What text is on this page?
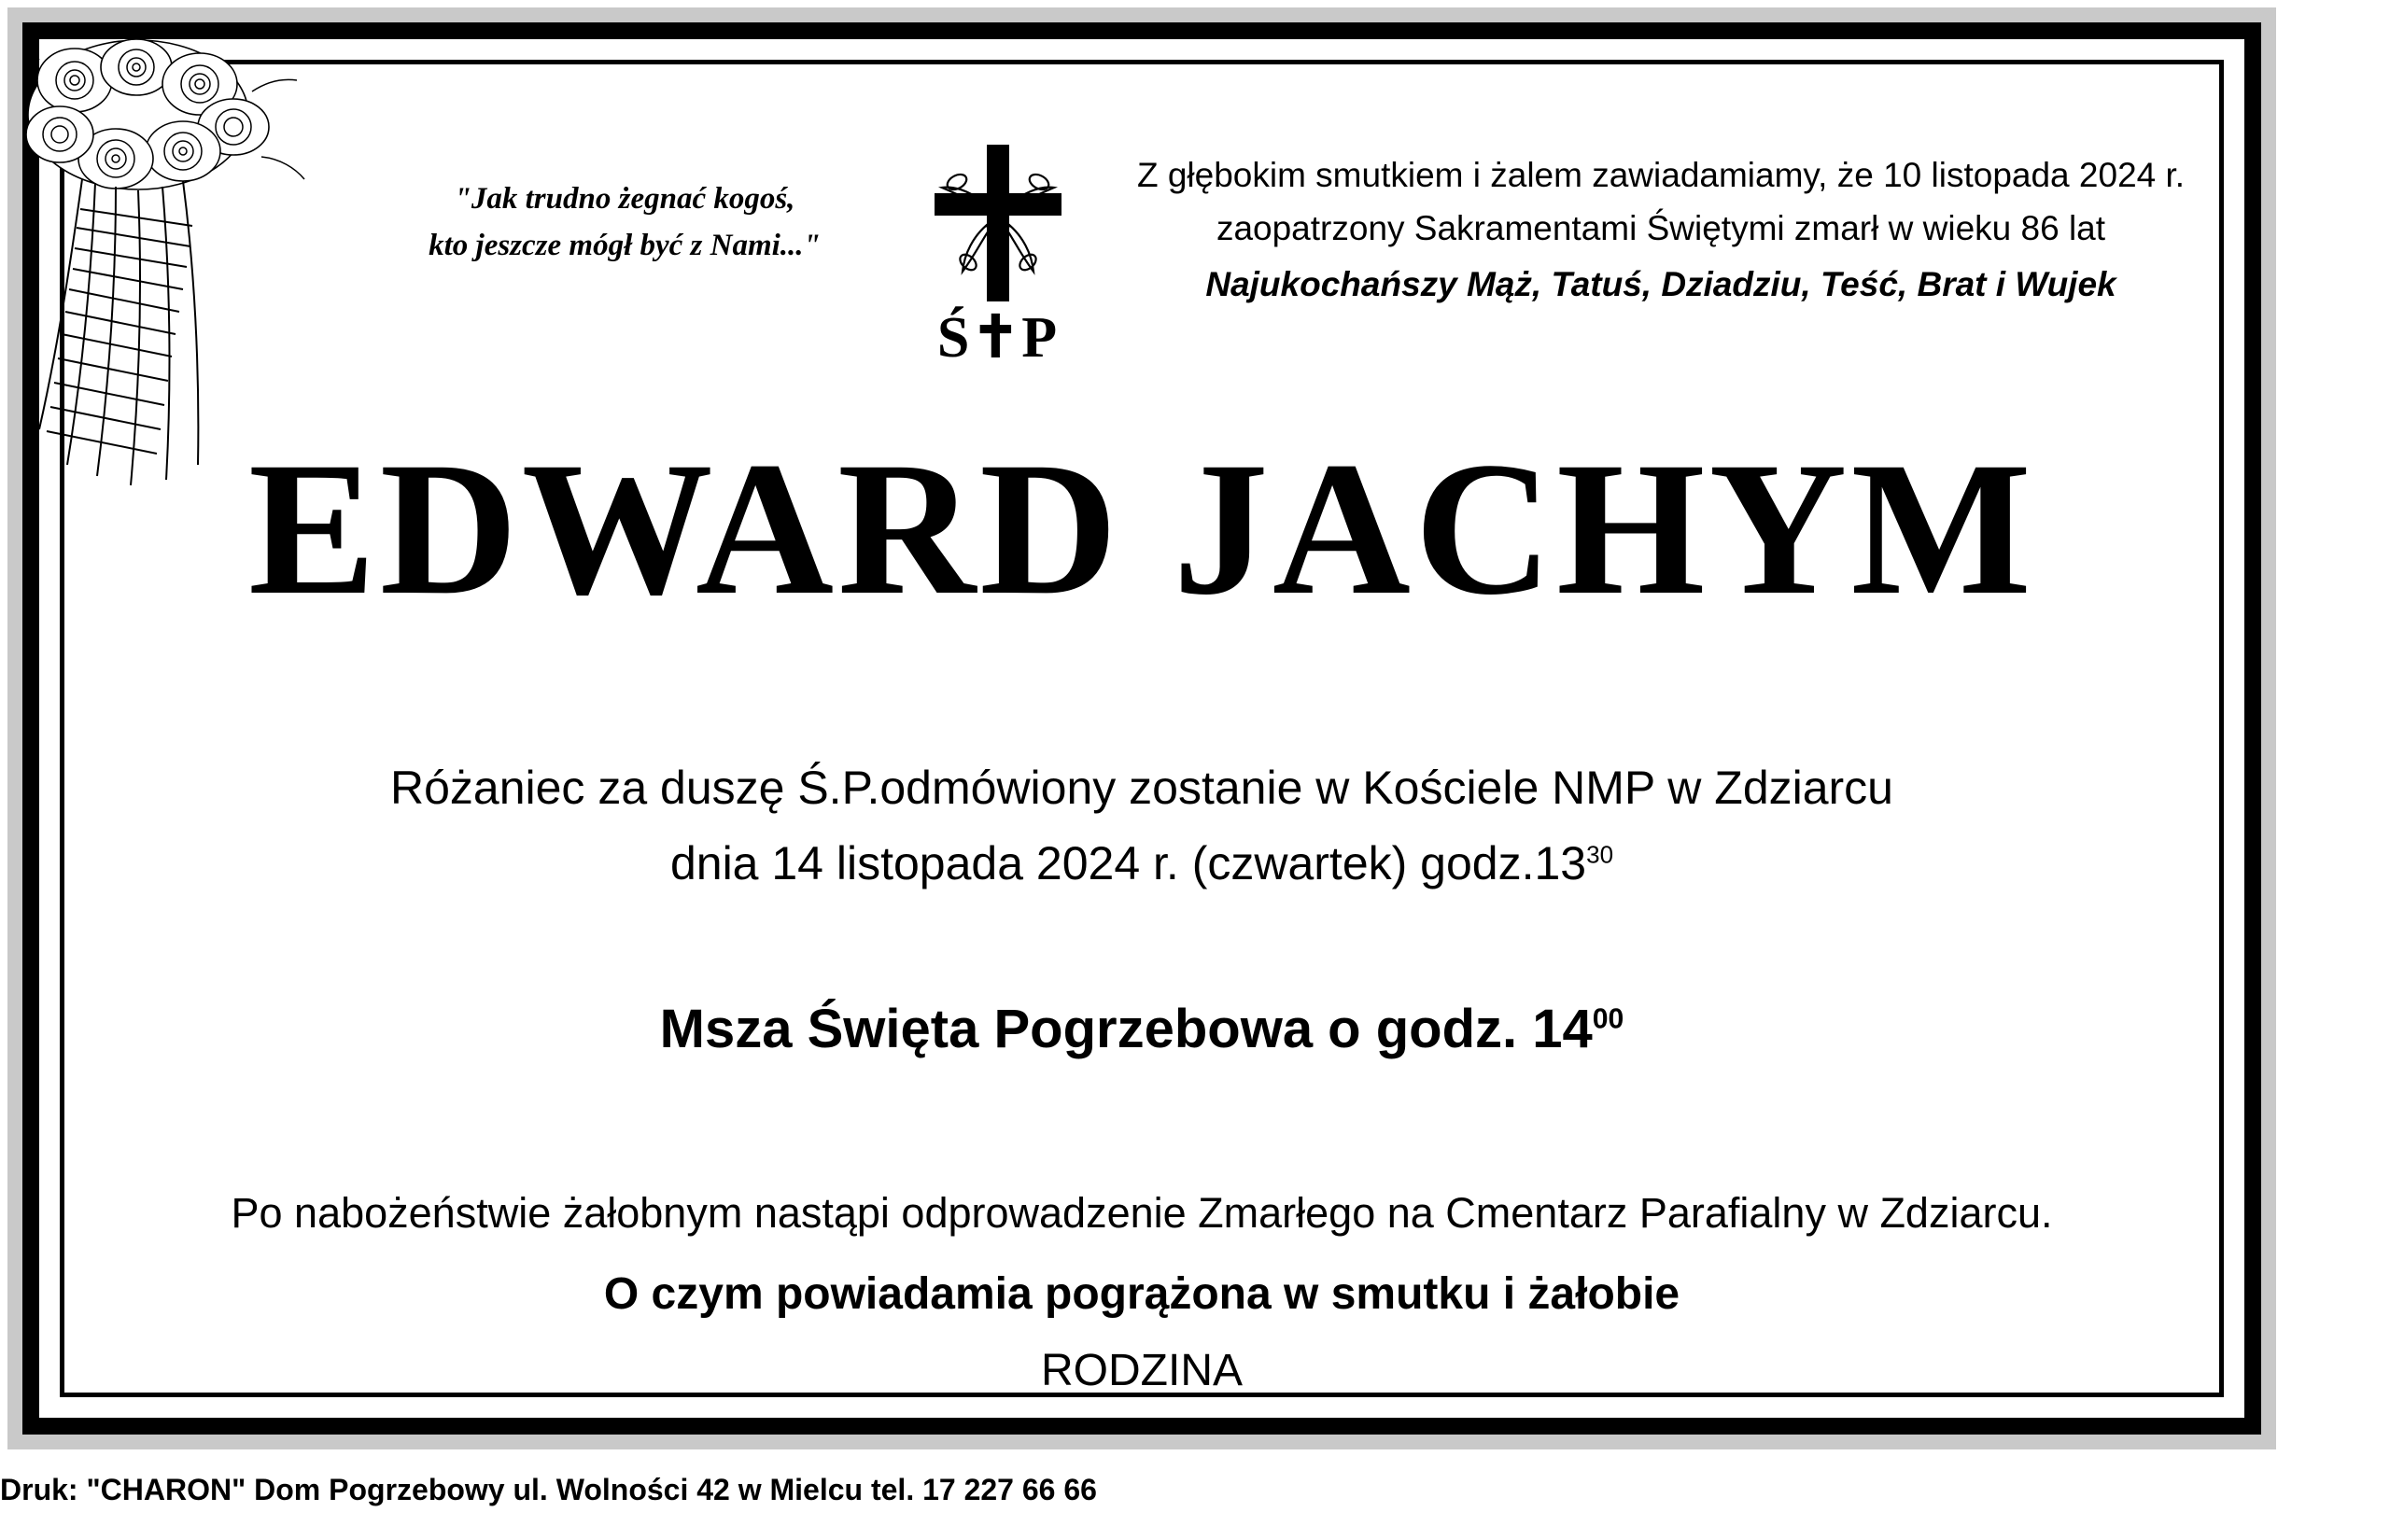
"Jak trudno żegnać kogoś,
kto jeszcze mógł być z Nami..."
Ś✝P
Z głębokim smutkiem i żalem zawiadamiamy, że 10 listopada 2024 r.
zaopatrzony Sakramentami Świętymi zmarł w wieku 86 lat
Najukochańszy Mąż, Tatuś, Dziadziu, Teść, Brat i Wujek
EDWARD JACHYM
Różaniec za duszę Ś.P.odmówiony zostanie w Kościele NMP w Zdziarcu
dnia 14 listopada 2024 r. (czwartek) $godz.13^{30}$
Msza Święta Pogrzebowa o godz. $14^{00}$
Po nabożeństwie żałobnym nastąpi odprowadzenie Zmarłego na Cmentarz Parafialny w Zdziarcu.
O czym powiadamia pogrążona w smutku i żałobie
RODZINA
Druk: "CHARON" Dom Pogrzebowy ul. Wolności 42 w Mielcu tel. 17 227 66 66
